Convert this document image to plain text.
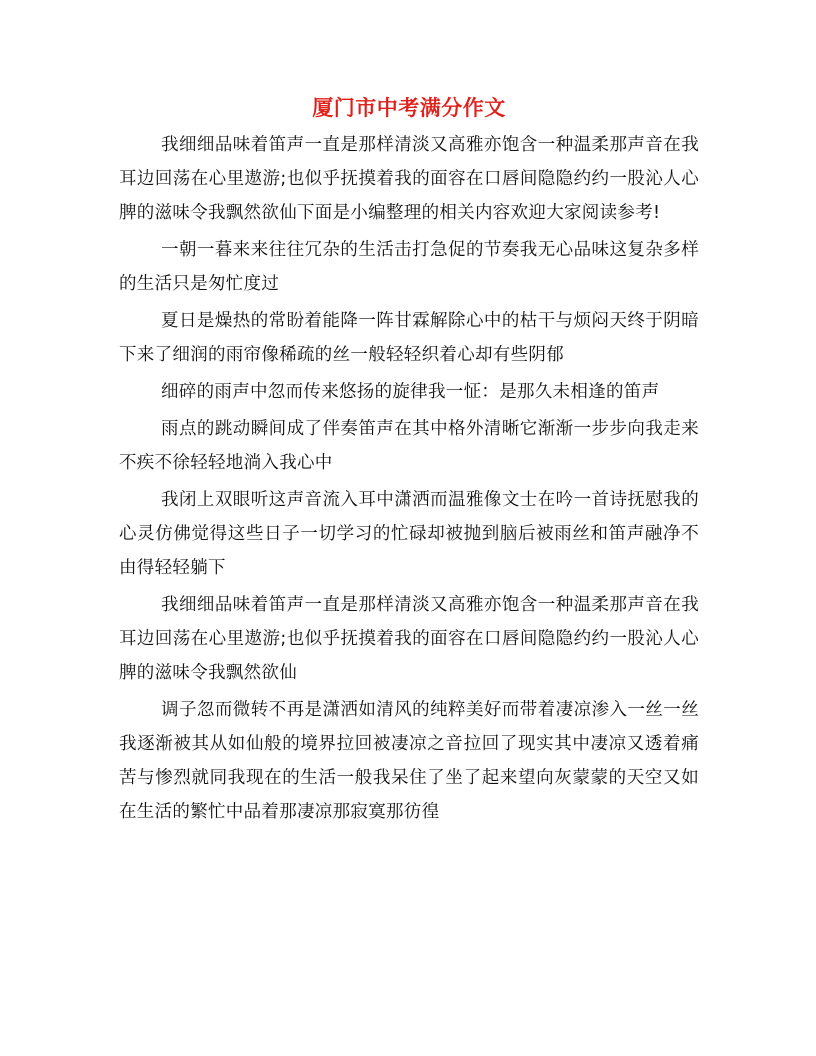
厦门市中考满分作文

我细细品味着笛声一直是那样清淡又高雅亦饱含一种温柔那声音在我耳边回荡在心里遨游;也似乎抚摸着我的面容在口唇间隐隐约约一股沁人心脾的滋味令我飘然欲仙下面是小编整理的相关内容欢迎大家阅读参考!

一朝一暮来来往往冗杂的生活击打急促的节奏我无心品味这复杂多样的生活只是匆忙度过

夏日是燥热的常盼着能降一阵甘霖解除心中的枯干与烦闷天终于阴暗下来了细润的雨帘像稀疏的丝一般轻轻织着心却有些阴郁

细碎的雨声中忽而传来悠扬的旋律我一怔：是那久未相逢的笛声

雨点的跳动瞬间成了伴奏笛声在其中格外清晰它渐渐一步步向我走来不疾不徐轻轻地淌入我心中

我闭上双眼听这声音流入耳中潇洒而温雅像文士在吟一首诗抚慰我的心灵仿佛觉得这些日子一切学习的忙碌却被抛到脑后被雨丝和笛声融净不由得轻轻躺下

我细细品味着笛声一直是那样清淡又高雅亦饱含一种温柔那声音在我耳边回荡在心里遨游;也似乎抚摸着我的面容在口唇间隐隐约约一股沁人心脾的滋味令我飘然欲仙

调子忽而微转不再是潇洒如清风的纯粹美好而带着凄凉渗入一丝一丝我逐渐被其从如仙般的境界拉回被凄凉之音拉回了现实其中凄凉又透着痛苦与惨烈就同我现在的生活一般我呆住了坐了起来望向灰蒙蒙的天空又如在生活的繁忙中品着那凄凉那寂寞那彷徨
